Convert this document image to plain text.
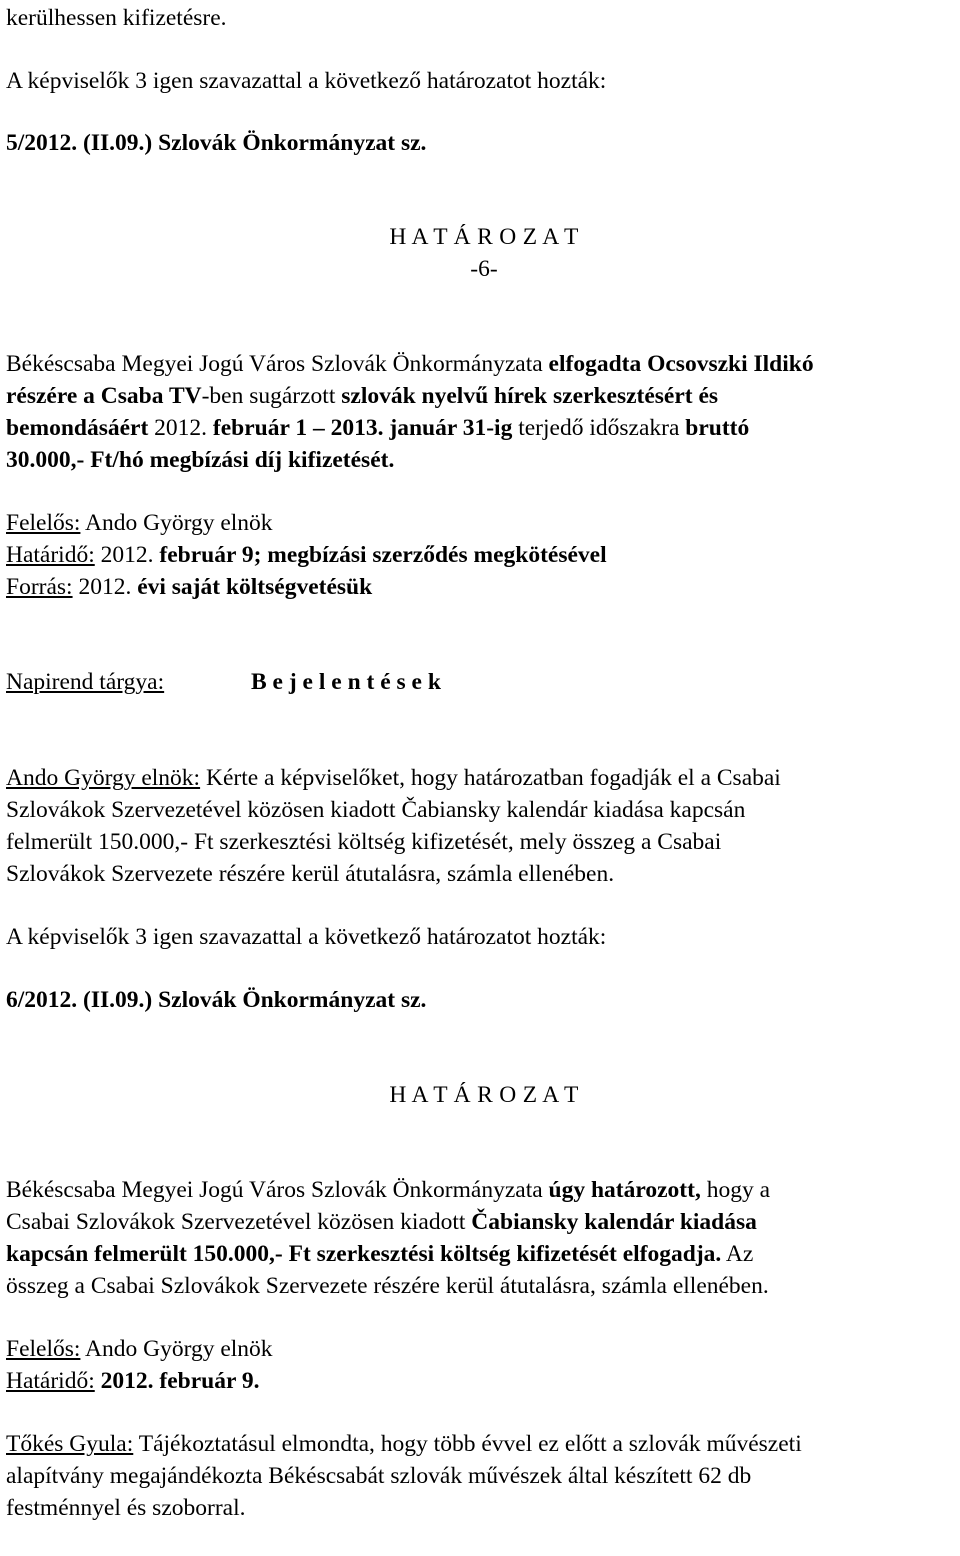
kerülhessen kifizetésre.
A képviselők 3 igen szavazattal a következő határozatot hozták:
5/2012. (II.09.) Szlovák Önkormányzat sz.
H A T Á R O Z A T
-6-
Békéscsaba Megyei Jogú Város Szlovák Önkormányzata elfogadta Ocsovszki Ildikó
részére a Csaba TV-ben sugárzott szlovák nyelvű hírek szerkesztésért és
bemondásáért 2012. február 1 – 2013. január 31-ig terjedő időszakra bruttó
30.000,- Ft/hó megbízási díj kifizetését.
Felelős: Ando György elnök
Határidő: 2012. február 9; megbízási szerződés megkötésével
Forrás: 2012. évi saját költségvetésük
Napirend tárgya:	B e j e l e n t é s e k
Ando György elnök: Kérte a képviselőket, hogy határozatban fogadják el a Csabai
Szlovákok Szervezetével közösen kiadott Čabiansky kalendár kiadása kapcsán
felmerült 150.000,- Ft szerkesztési költség kifizetését, mely összeg a Csabai
Szlovákok Szervezete részére kerül átutalásra, számla ellenében.
A képviselők 3 igen szavazattal a következő határozatot hozták:
6/2012. (II.09.) Szlovák Önkormányzat sz.
H A T Á R O Z A T
Békéscsaba Megyei Jogú Város Szlovák Önkormányzata úgy határozott, hogy a
Csabai Szlovákok Szervezetével közösen kiadott Čabiansky kalendár kiadása
kapcsán felmerült 150.000,- Ft szerkesztési költség kifizetését elfogadja. Az
összeg a Csabai Szlovákok Szervezete részére kerül átutalásra, számla ellenében.
Felelős: Ando György elnök
Határidő: 2012. február 9.
Tőkés Gyula: Tájékoztatásul elmondta, hogy több évvel ez előtt a szlovák művészeti
alapítvány megajándékozta Békéscsabát szlovák művészek által készített 62 db
festménnyel és szoborral.
